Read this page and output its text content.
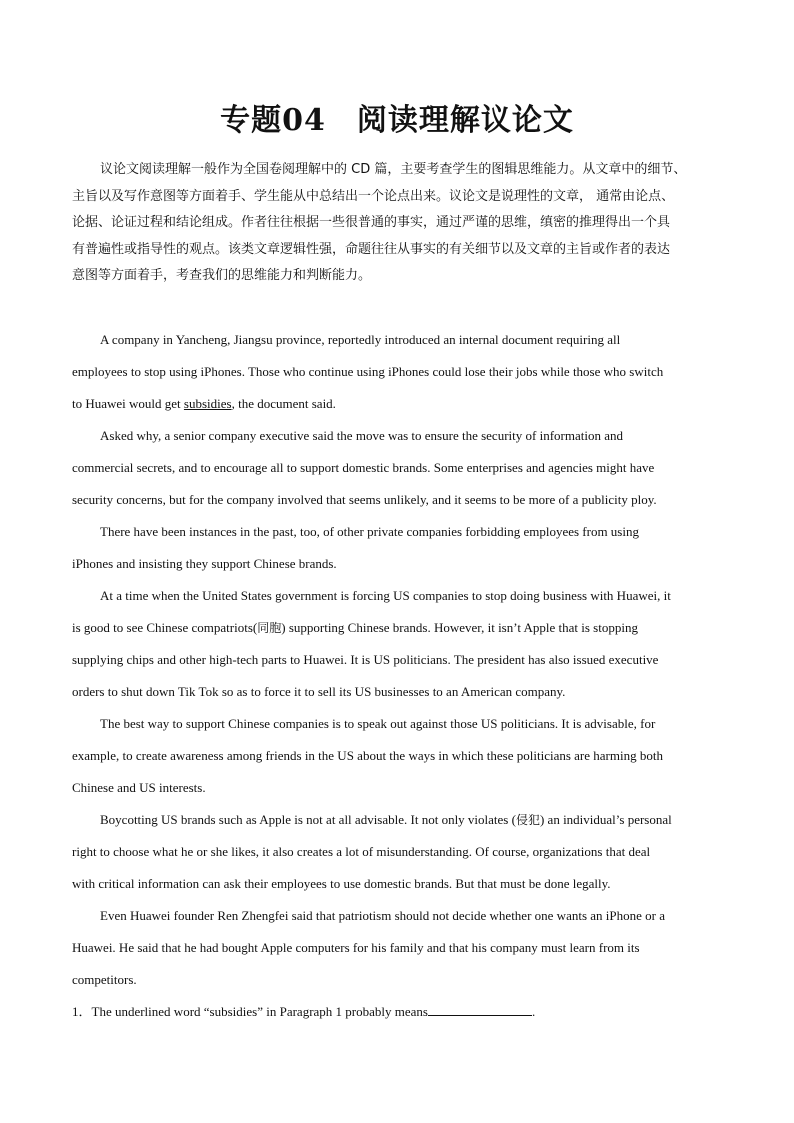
专题04　阅读理解议论文
议论文阅读理解一般作为全国卷阅理解中的 CD 篇，主要考查学生的图辑思维能力。从文章中的细节、
主旨以及写作意图等方面着手、学生能从中总结出一个论点出来。议论文是说理性的文章， 通常由论点、
论据、论证过程和结论组成。作者往往根据一些很普通的事实，通过严谨的思维，缜密的推理得出一个具
有普遍性或指导性的观点。该类文章逻辑性强，命题往往从事实的有关细节以及文章的主旨或作者的表达
意图等方面着手，考查我们的思维能力和判断能力。
A company in Yancheng, Jiangsu province, reportedly introduced an internal document requiring all
employees to stop using iPhones. Those who continue using iPhones could lose their jobs while those who switch
to Huawei would get subsidies, the document said.
Asked why, a senior company executive said the move was to ensure the security of information and
commercial secrets, and to encourage all to support domestic brands. Some enterprises and agencies might have
security concerns, but for the company involved that seems unlikely, and it seems to be more of a publicity ploy.
There have been instances in the past, too, of other private companies forbidding employees from using
iPhones and insisting they support Chinese brands.
At a time when the United States government is forcing US companies to stop doing business with Huawei, it
is good to see Chinese compatriots(同胞) supporting Chinese brands. However, it isn’t Apple that is stopping
supplying chips and other high-tech parts to Huawei. It is US politicians. The president has also issued executive
orders to shut down Tik Tok so as to force it to sell its US businesses to an American company.
The best way to support Chinese companies is to speak out against those US politicians. It is advisable, for
example, to create awareness among friends in the US about the ways in which these politicians are harming both
Chinese and US interests.
Boycotting US brands such as Apple is not at all advisable. It not only violates (侵犯) an individual’s personal
right to choose what he or she likes, it also creates a lot of misunderstanding. Of course, organizations that deal
with critical information can ask their employees to use domestic brands. But that must be done legally.
Even Huawei founder Ren Zhengfei said that patriotism should not decide whether one wants an iPhone or a
Huawei. He said that he had bought Apple computers for his family and that his company must learn from its
competitors.
1．The underlined word “subsidies” in Paragraph 1 probably means	.
